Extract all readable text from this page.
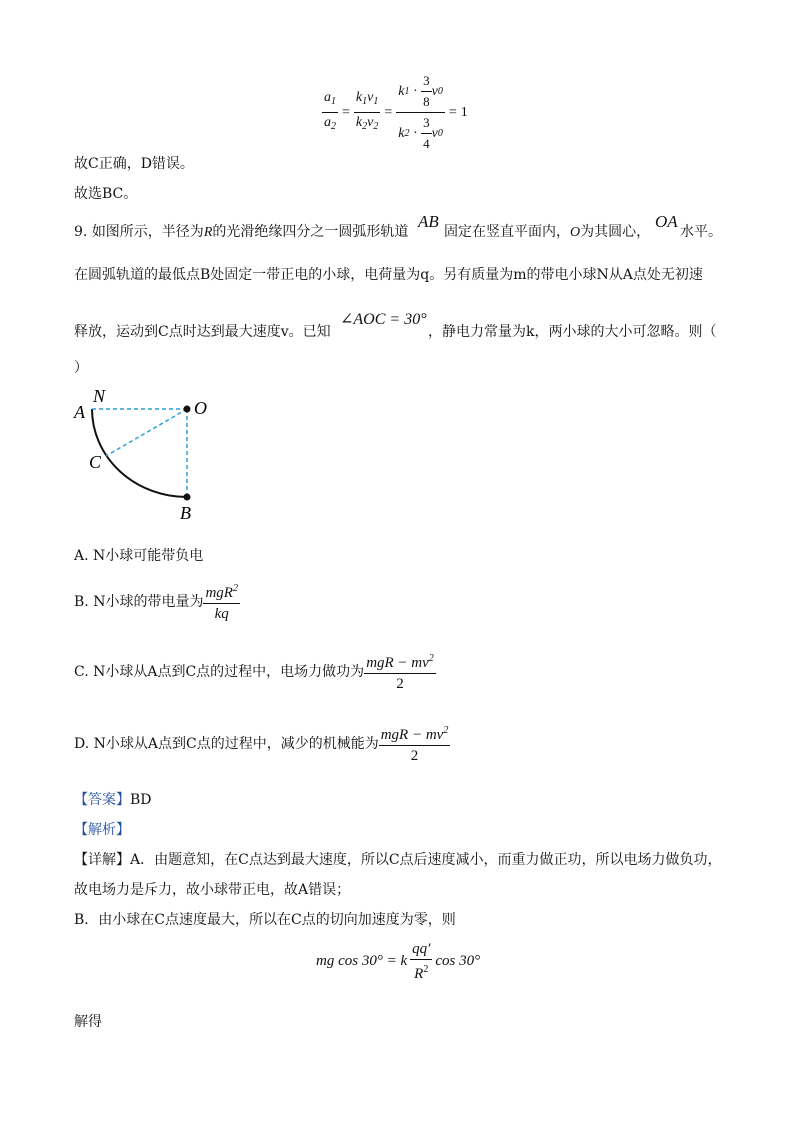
$\frac{a_1}{a_2} = \frac{k_1v_1}{k_2v_2} = \frac{k 1 \cdot \frac{3}{8} v 0}{k 2 \cdot \frac{3}{4} v 0} = 1$
故C正确，D错误。
故选BC。
9. 如图所示，半径为R的光滑绝缘四分之一圆弧形轨道
AB
固定在竖直平面内，O为其圆心，
OA
水平。
在圆弧轨道的最低点B处固定一带正电的小球，电荷量为q。另有质量为m的带电小球N从A点处无初速
释放，运动到C点时达到最大速度v。已知
∠AOC = 30°
，静电力常量为k，两小球的大小可忽略。则（
）
A
N
O
C
B
A. N小球可能带负电
B. N小球的带电量为 $\frac{mgR^2}{kq}$
C. N小球从A点到C点的过程中，电场力做功为 $\frac{mgR - mv^2}{2}$
D. N小球从A点到C点的过程中，减少的机械能为 $\frac{mgR - mv^2}{2}$
【答案】BD
【解析】
【详解】A．由题意知，在C点达到最大速度，所以C点后速度减小，而重力做正功，所以电场力做负功，
故电场力是斥力，故小球带正电，故A错误；
B．由小球在C点速度最大，所以在C点的切向加速度为零，则
mg cos 30° = k $\frac{qq'}{R^2}$ cos 30°
解得
